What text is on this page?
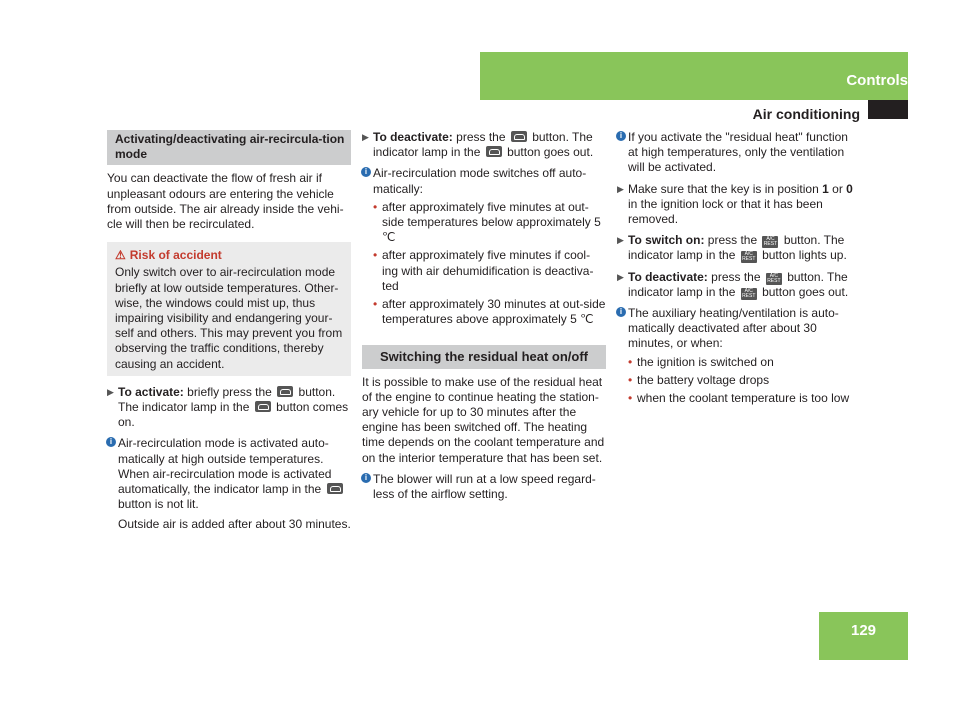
Controls
Air conditioning
129
Activating/deactivating air-recircula-tion mode

You can deactivate the flow of fresh air if unpleasant odours are entering the vehicle from outside. The air already inside the vehi-cle will then be recirculated.

⚠ Risk of accident
Only switch over to air-recirculation mode briefly at low outside temperatures. Other-wise, the windows could mist up, thus impairing visibility and endangering your-self and others. This may prevent you from observing the traffic conditions, thereby causing an accident.
▶ To activate: briefly press the button. The indicator lamp in the button comes on.
i Air-recirculation mode is activated auto-matically at high outside temperatures. When air-recirculation mode is activated automatically, the indicator lamp in the  button is not lit.
Outside air is added after about 30 minutes.
▶ To deactivate: press the button. The indicator lamp in the button goes out.
i Air-recirculation mode switches off auto-matically:
• after approximately five minutes at out-side temperatures below approximately 5 ℃
• after approximately five minutes if cool-ing with air dehumidification is deactiva-ted
• after approximately 30 minutes at out-side temperatures above approximately 5 ℃
Switching the residual heat on/off

It is possible to make use of the residual heat of the engine to continue heating the station-ary vehicle for up to 30 minutes after the engine has been switched off. The heating time depends on the coolant temperature and on the interior temperature that has been set.

i The blower will run at a low speed regard-less of the airflow setting.
i If you activate the "residual heat" function at high temperatures, only the ventilation will be activated.
▶ Make sure that the key is in position 1 or 0 in the ignition lock or that it has been removed.
▶ To switch on: press the A/C REST button. The indicator lamp in the A/C REST button lights up.
▶ To deactivate: press the A/C REST button. The indicator lamp in the A/C REST button goes out.
i The auxiliary heating/ventilation is auto-matically deactivated after about 30 minutes, or when:
• the ignition is switched on
• the battery voltage drops
• when the coolant temperature is too low
